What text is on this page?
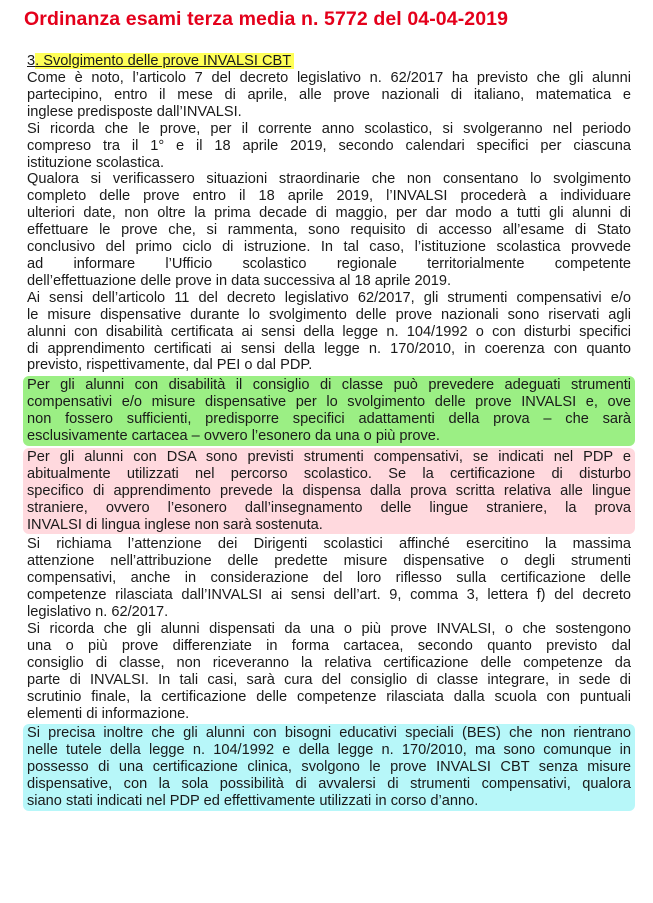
Ordinanza esami terza media n. 5772 del 04-04-2019
3. Svolgimento delle prove INVALSI CBT
Come è noto, l’articolo 7 del decreto legislativo n. 62/2017 ha previsto che gli alunni
partecipino, entro il mese di aprile, alle prove nazionali di italiano, matematica e
inglese predisposte dall’INVALSI.
Si ricorda che le prove, per il corrente anno scolastico, si svolgeranno nel periodo
compreso tra il 1° e il 18 aprile 2019, secondo calendari specifici per ciascuna
istituzione scolastica.
Qualora si verificassero situazioni straordinarie che non consentano lo svolgimento
completo delle prove entro il 18 aprile 2019, l’INVALSI procederà a individuare
ulteriori date, non oltre la prima decade di maggio, per dar modo a tutti gli alunni di
effettuare le prove che, si rammenta, sono requisito di accesso all’esame di Stato
conclusivo del primo ciclo di istruzione. In tal caso, l’istituzione scolastica provvede
ad informare l’Ufficio scolastico regionale territorialmente competente
dell’effettuazione delle prove in data successiva al 18 aprile 2019.
Ai sensi dell’articolo 11 del decreto legislativo 62/2017, gli strumenti compensativi e/o
le misure dispensative durante lo svolgimento delle prove nazionali sono riservati agli
alunni con disabilità certificata ai sensi della legge n. 104/1992 o con disturbi specifici
di apprendimento certificati ai sensi della legge n. 170/2010, in coerenza con quanto
previsto, rispettivamente, dal PEI o dal PDP.
Per gli alunni con disabilità il consiglio di classe può prevedere adeguati strumenti
compensativi e/o misure dispensative per lo svolgimento delle prove INVALSI e, ove
non fossero sufficienti, predisporre specifici adattamenti della prova – che sarà
esclusivamente cartacea – ovvero l’esonero da una o più prove.
Per gli alunni con DSA sono previsti strumenti compensativi, se indicati nel PDP e
abitualmente utilizzati nel percorso scolastico. Se la certificazione di disturbo
specifico di apprendimento prevede la dispensa dalla prova scritta relativa alle lingue
straniere, ovvero l’esonero dall’insegnamento delle lingue straniere, la prova
INVALSI di lingua inglese non sarà sostenuta.
Si richiama l’attenzione dei Dirigenti scolastici affinché esercitino la massima
attenzione nell’attribuzione delle predette misure dispensative o degli strumenti
compensativi, anche in considerazione del loro riflesso sulla certificazione delle
competenze rilasciata dall’INVALSI ai sensi dell’art. 9, comma 3, lettera f) del decreto
legislativo n. 62/2017.
Si ricorda che gli alunni dispensati da una o più prove INVALSI, o che sostengono
una o più prove differenziate in forma cartacea, secondo quanto previsto dal
consiglio di classe, non riceveranno la relativa certificazione delle competenze da
parte di INVALSI. In tali casi, sarà cura del consiglio di classe integrare, in sede di
scrutinio finale, la certificazione delle competenze rilasciata dalla scuola con puntuali
elementi di informazione.
Si precisa inoltre che gli alunni con bisogni educativi speciali (BES) che non rientrano
nelle tutele della legge n. 104/1992 e della legge n. 170/2010, ma sono comunque in
possesso di una certificazione clinica, svolgono le prove INVALSI CBT senza misure
dispensative, con la sola possibilità di avvalersi di strumenti compensativi, qualora
siano stati indicati nel PDP ed effettivamente utilizzati in corso d’anno.
